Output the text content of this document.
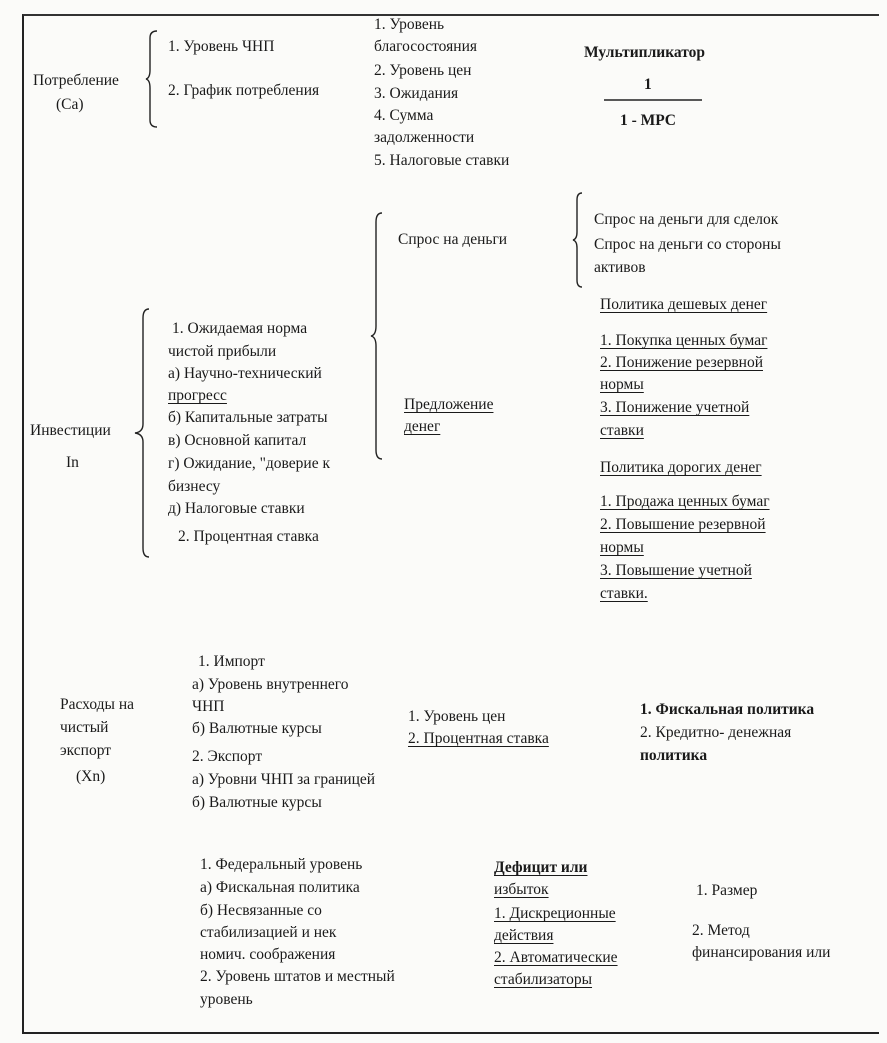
Потребление
(Ca)
1. Уровень ЧНП
2. График потребления
1. Уровень
благосостояния
2. Уровень цен
3. Ожидания
4. Сумма
задолженности
5. Налоговые ставки
Мультипликатор
1
1 - MPC
Инвестиции
In
1. Ожидаемая норма
чистой прибыли
а) Научно-технический
прогресс
б) Капитальные затраты
в) Основной капитал
г) Ожидание, "доверие к
бизнесу
д) Налоговые ставки
2. Процентная ставка
Спрос на деньги
Спрос на деньги для сделок
Спрос на деньги со стороны
активов
Предложение
денег
Политика дешевых денег
1. Покупка ценных бумаг
2. Понижение резервной
нормы
3. Понижение учетной
ставки
Политика дорогих денег
1. Продажа ценных бумаг
2. Повышение резервной
нормы
3. Повышение учетной
ставки.
Расходы на
чистый
экспорт
(Xn)
1. Импорт
а) Уровень внутреннего
ЧНП
б) Валютные курсы
2. Экспорт
а) Уровни ЧНП за границей
б) Валютные курсы
1. Уровень цен
2. Процентная ставка
1. Фискальная политика
2. Кредитно- денежная
политика
1. Федеральный уровень
а) Фискальная политика
б) Несвязанные со
стабилизацией и нек
номич. соображения
2. Уровень штатов и местный
уровень
Дефицит или
избыток
1. Дискреционные
действия
2. Автоматические
стабилизаторы
1. Размер
2. Метод
финансирования или
